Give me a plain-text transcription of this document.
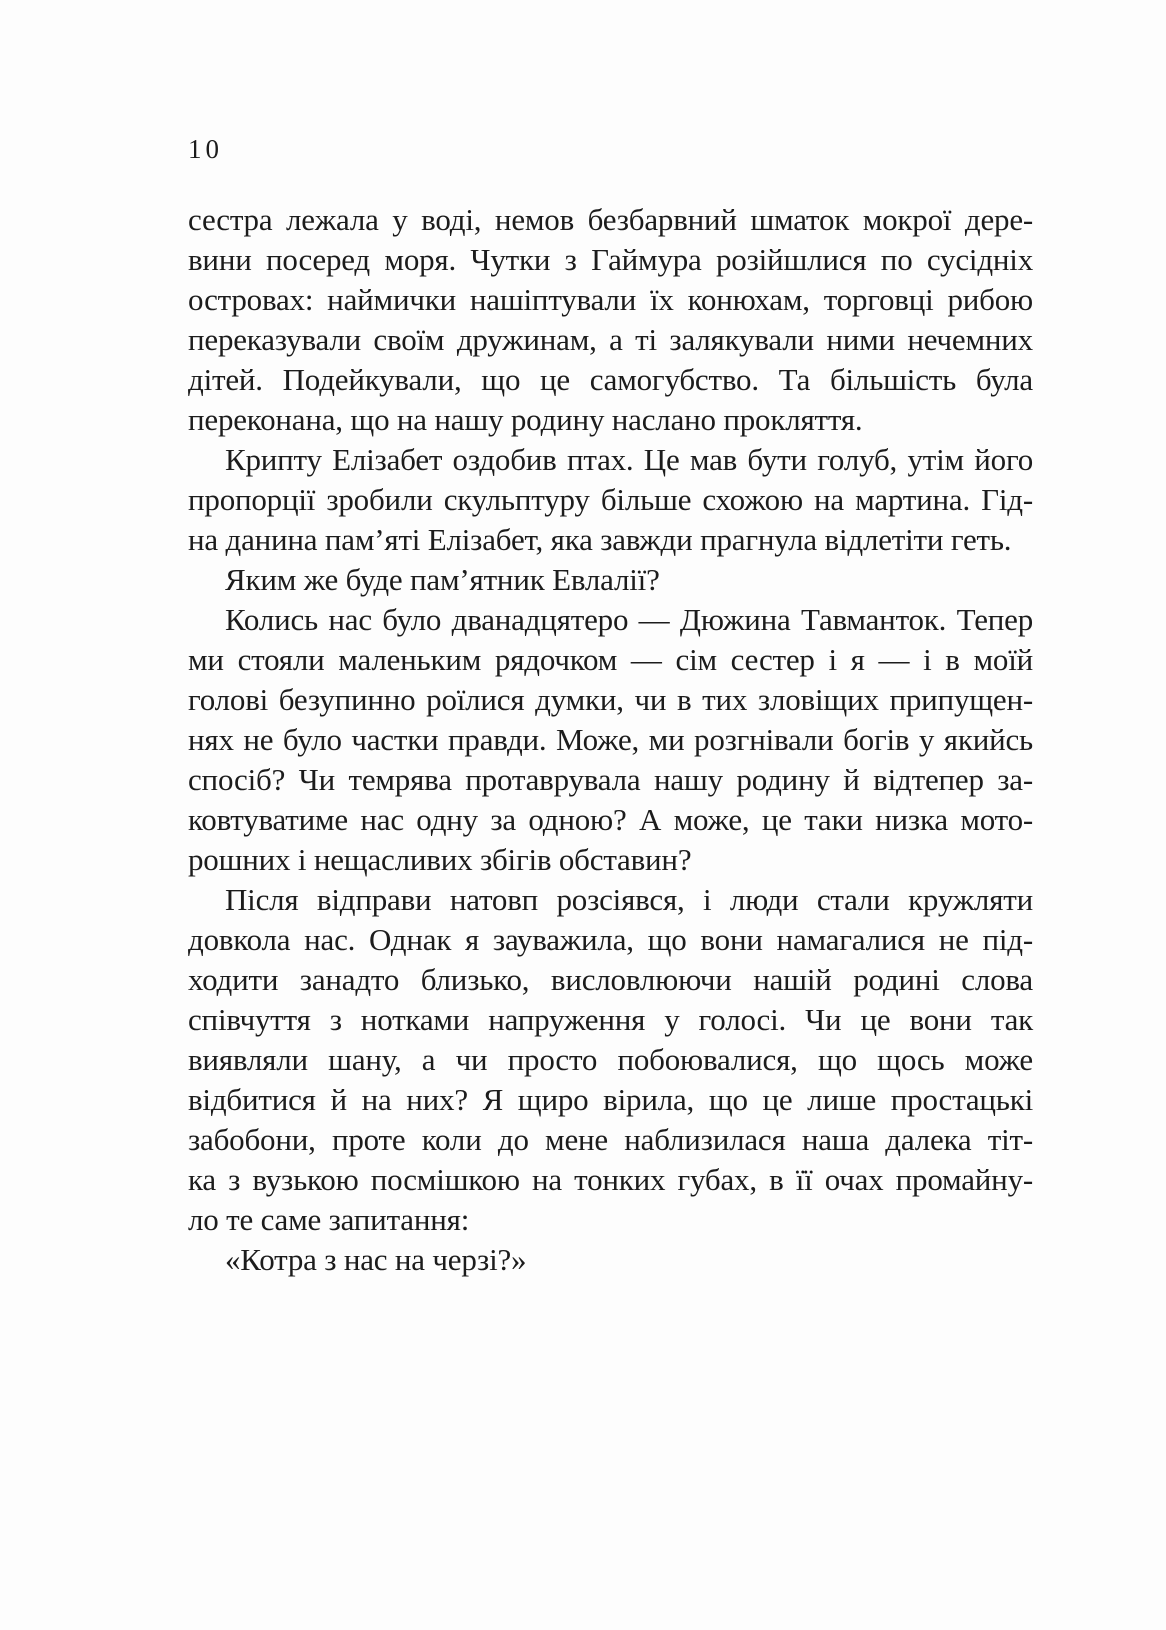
10
сестра лежала у воді, немов безбарвний шматок мокрої дере-
вини посеред моря. Чутки з Гаймура розійшлися по сусідніх
островах: наймички нашіптували їх конюхам, торговці рибою
переказували своїм дружинам, а ті залякували ними нечемних
дітей. Подейкували, що це самогубство. Та більшість була
переконана, що на нашу родину наслано прокляття.
Крипту Елізабет оздобив птах. Це мав бути голуб, утім його
пропорції зробили скульптуру більше схожою на мартина. Гід-
на данина пам’яті Елізабет, яка завжди прагнула відлетіти геть.
Яким же буде пам’ятник Евлалії?
Колись нас було дванадцятеро — Дюжина Тавманток. Тепер
ми стояли маленьким рядочком — сім сестер і я — і в моїй
голові безупинно роїлися думки, чи в тих зловіщих припущен-
нях не було частки правди. Може, ми розгнівали богів у якийсь
спосіб? Чи темрява протаврувала нашу родину й відтепер за-
ковтуватиме нас одну за одною? А може, це таки низка мото-
рошних і нещасливих збігів обставин?
Після відправи натовп розсіявся, і люди стали кружляти
довкола нас. Однак я зауважила, що вони намагалися не під-
ходити занадто близько, висловлюючи нашій родині слова
співчуття з нотками напруження у голосі. Чи це вони так
виявляли шану, а чи просто побоювалися, що щось може
відбитися й на них? Я щиро вірила, що це лише простацькі
забобони, проте коли до мене наблизилася наша далека тіт-
ка з вузькою посмішкою на тонких губах, в її очах промайну-
ло те саме запитання:
«Котра з нас на черзі?»
